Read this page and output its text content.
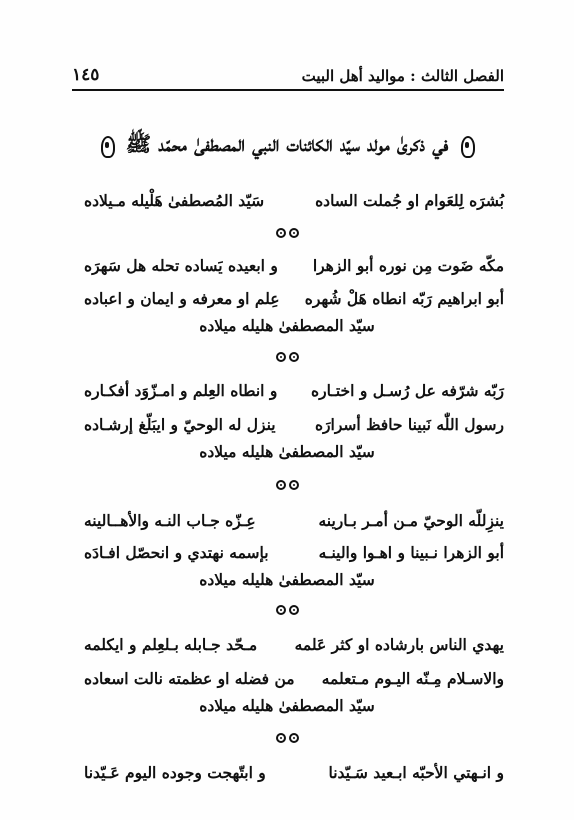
١٤٥	الفصل الثالث : مواليد أهل البيت
في ذكرىٰ مولد سيّد الكائنات النبي المصطفىٰ محمّد ﷺ
بُشرَه لِلعَوام او جُملت الساده
سَيّد المُصطفىٰ هَلْيله مـيلاده
مكّه ضَوت مِن نوره أبو الزهرا
و ابعيده يَساده تحله هل سَهرَه
أبو ابراهيم رَبّه انطاه هَلْ شُهره
عِلم او معرفه و ايمان و اعباده
سيّد المصطفىٰ هليله ميلاده
رَبّه شرّفه عل رُسـل و اختـاره
و انطاه العِلم و امـزّوَد أفكـاره
رسول اللّٰه نَبينا حافظ أسرارَه
ينزل له الوحيّ و ايبَلّغ إرشـاده
سيّد المصطفىٰ هليله ميلاده
ينزِللّه الوحيّ مـن أمـر بـارينه
عِـزّه جـاب النـه والأهــالينه
أبو الزهرا نـبينا و اهـوا والينـه
بإسمه نهتدي و انحصّل افـادَه
سيّد المصطفىٰ هليله ميلاده
يهدي الناس بارشاده او كثر عَلمه
مـحّد جـابله بـلعِلم و ايكلمه
والاسـلام مِـنّه اليـوم مـتعلمه
من فضله او عظمته نالت اسعاده
سيّد المصطفىٰ هليله ميلاده
و انـهتي الأحبّه ابـعيد سَـيّدنا
و ابتّهجت وجوده اليوم عَـيّدنا
